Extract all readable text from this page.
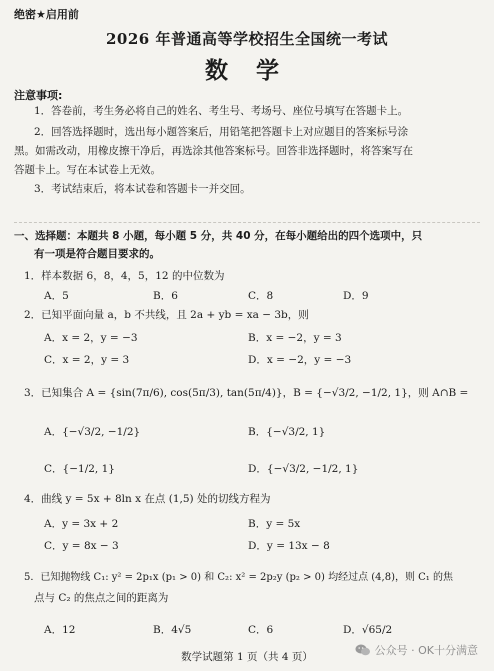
绝密★启用前
2026 年普通高等学校招生全国统一考试
数 学
注意事项:
1．答卷前，考生务必将自己的姓名、考生号、考场号、座位号填写在答题卡上。
2．回答选择题时，选出每小题答案后，用铅笔把答题卡上对应题目的答案标号涂
黑。如需改动，用橡皮擦干净后，再选涂其他答案标号。回答非选择题时，将答案写在
答题卡上。写在本试卷上无效。
3．考试结束后，将本试卷和答题卡一并交回。
一、选择题：本题共 8 小题，每小题 5 分，共 40 分，在每小题给出的四个选项中，只
有一项是符合题目要求的。
1．样本数据 6，8，4，5，12 的中位数为
A．5	B．6	C．8	D．9
2．已知平面向量 a，b 不共线，且 2a + yb = xa − 3b，则
A．x = 2，y = −3	B．x = −2，y = 3
C．x = 2，y = 3	D．x = −2，y = −3
3．已知集合 A = {sin(7π/6), cos(5π/3), tan(5π/4)}，B = {−√3/2, −1/2, 1}，则 A∩B =
A．{−√3/2, −1/2}	B．{−√3/2, 1}
C．{−1/2, 1}	D．{−√3/2, −1/2, 1}
4．曲线 y = 5x + 8ln x 在点 (1,5) 处的切线方程为
A．y = 3x + 2	B．y = 5x
C．y = 8x − 3	D．y = 13x − 8
5．已知抛物线 C₁: y² = 2p₁x (p₁ > 0) 和 C₂: x² = 2p₂y (p₂ > 0) 均经过点 (4,8)，则 C₁ 的焦
点与 C₂ 的焦点之间的距离为
A．12	B．4√5	C．6	D．√65/2
数学试题第 1 页（共 4 页）	公众号 · OK十分满意
